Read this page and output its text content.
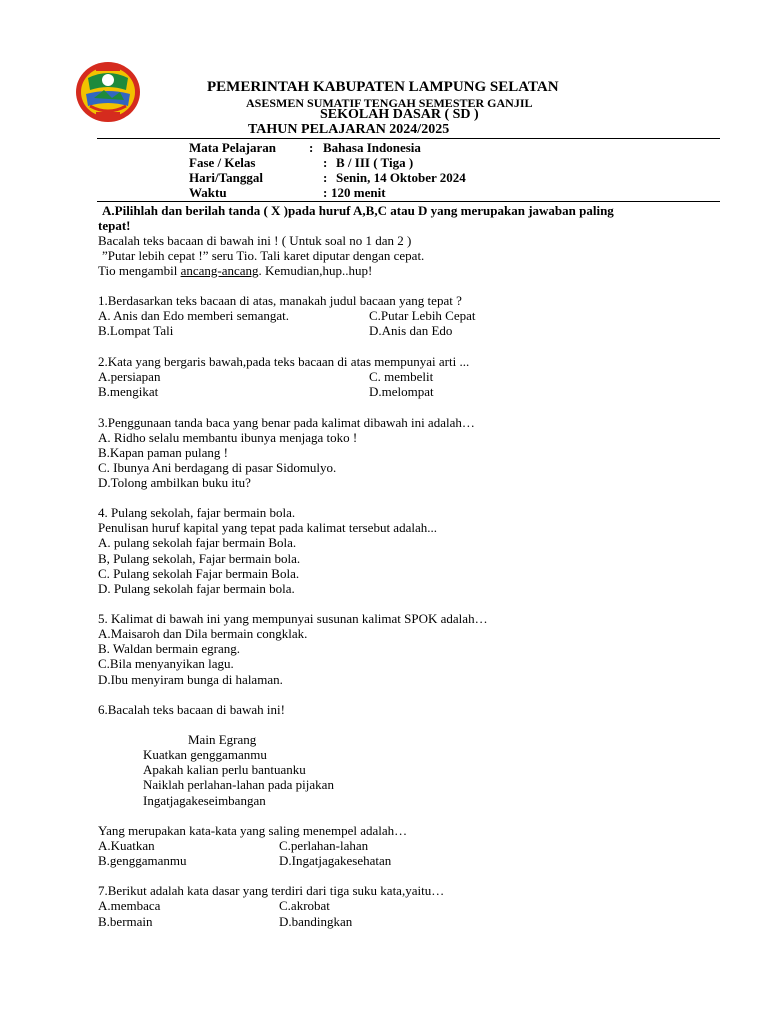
PEMERINTAH KABUPATEN LAMPUNG SELATAN
ASESMEN SUMATIF TENGAH SEMESTER GANJIL
SEKOLAH DASAR ( SD )
TAHUN PELAJARAN 2024/2025
Mata Pelajaran	: Bahasa Indonesia
Fase / Kelas	: B / III ( Tiga )
Hari/Tanggal	: Senin, 14 Oktober 2024
Waktu	: 120 menit
A.Pilihlah dan berilah tanda ( X )pada huruf A,B,C atau D yang merupakan jawaban paling
tepat!
Bacalah teks bacaan di bawah ini ! ( Untuk soal no 1 dan 2 )
”Putar lebih cepat !” seru Tio. Tali karet diputar dengan cepat.
Tio mengambil ancang-ancang. Kemudian,hup..hup!
1.Berdasarkan teks bacaan di atas, manakah judul bacaan yang tepat ?
A. Anis dan Edo memberi semangat.	C.Putar Lebih Cepat
B.Lompat Tali	D.Anis dan Edo
2.Kata yang bergaris bawah,pada teks bacaan di atas mempunyai arti ...
A.persiapan	C. membelit
B.mengikat	D.melompat
3.Penggunaan tanda baca yang benar pada kalimat dibawah ini adalah…
A. Ridho selalu membantu ibunya menjaga toko !
B.Kapan paman pulang !
C. Ibunya Ani berdagang di pasar Sidomulyo.
D.Tolong ambilkan buku itu?
4. Pulang sekolah, fajar bermain bola.
Penulisan huruf kapital yang tepat pada kalimat tersebut adalah...
A. pulang sekolah fajar bermain Bola.
B, Pulang sekolah, Fajar bermain bola.
C. Pulang sekolah Fajar bermain Bola.
D. Pulang sekolah fajar bermain bola.
5. Kalimat di bawah ini yang mempunyai susunan kalimat SPOK adalah…
A.Maisaroh dan Dila bermain congklak.
B. Waldan bermain egrang.
C.Bila menyanyikan lagu.
D.Ibu menyiram bunga di halaman.
6.Bacalah teks bacaan di bawah ini!
Main Egrang
Kuatkan genggamanmu
Apakah kalian perlu bantuanku
Naiklah perlahan-lahan pada pijakan
Ingatjagakeseimbangan
Yang merupakan kata-kata yang saling menempel adalah…
A.Kuatkan	C.perlahan-lahan
B.genggamanmu	D.Ingatjagakesehatan
7.Berikut adalah kata dasar yang terdiri dari tiga suku kata,yaitu…
A.membaca	C.akrobat
B.bermain	D.bandingkan
